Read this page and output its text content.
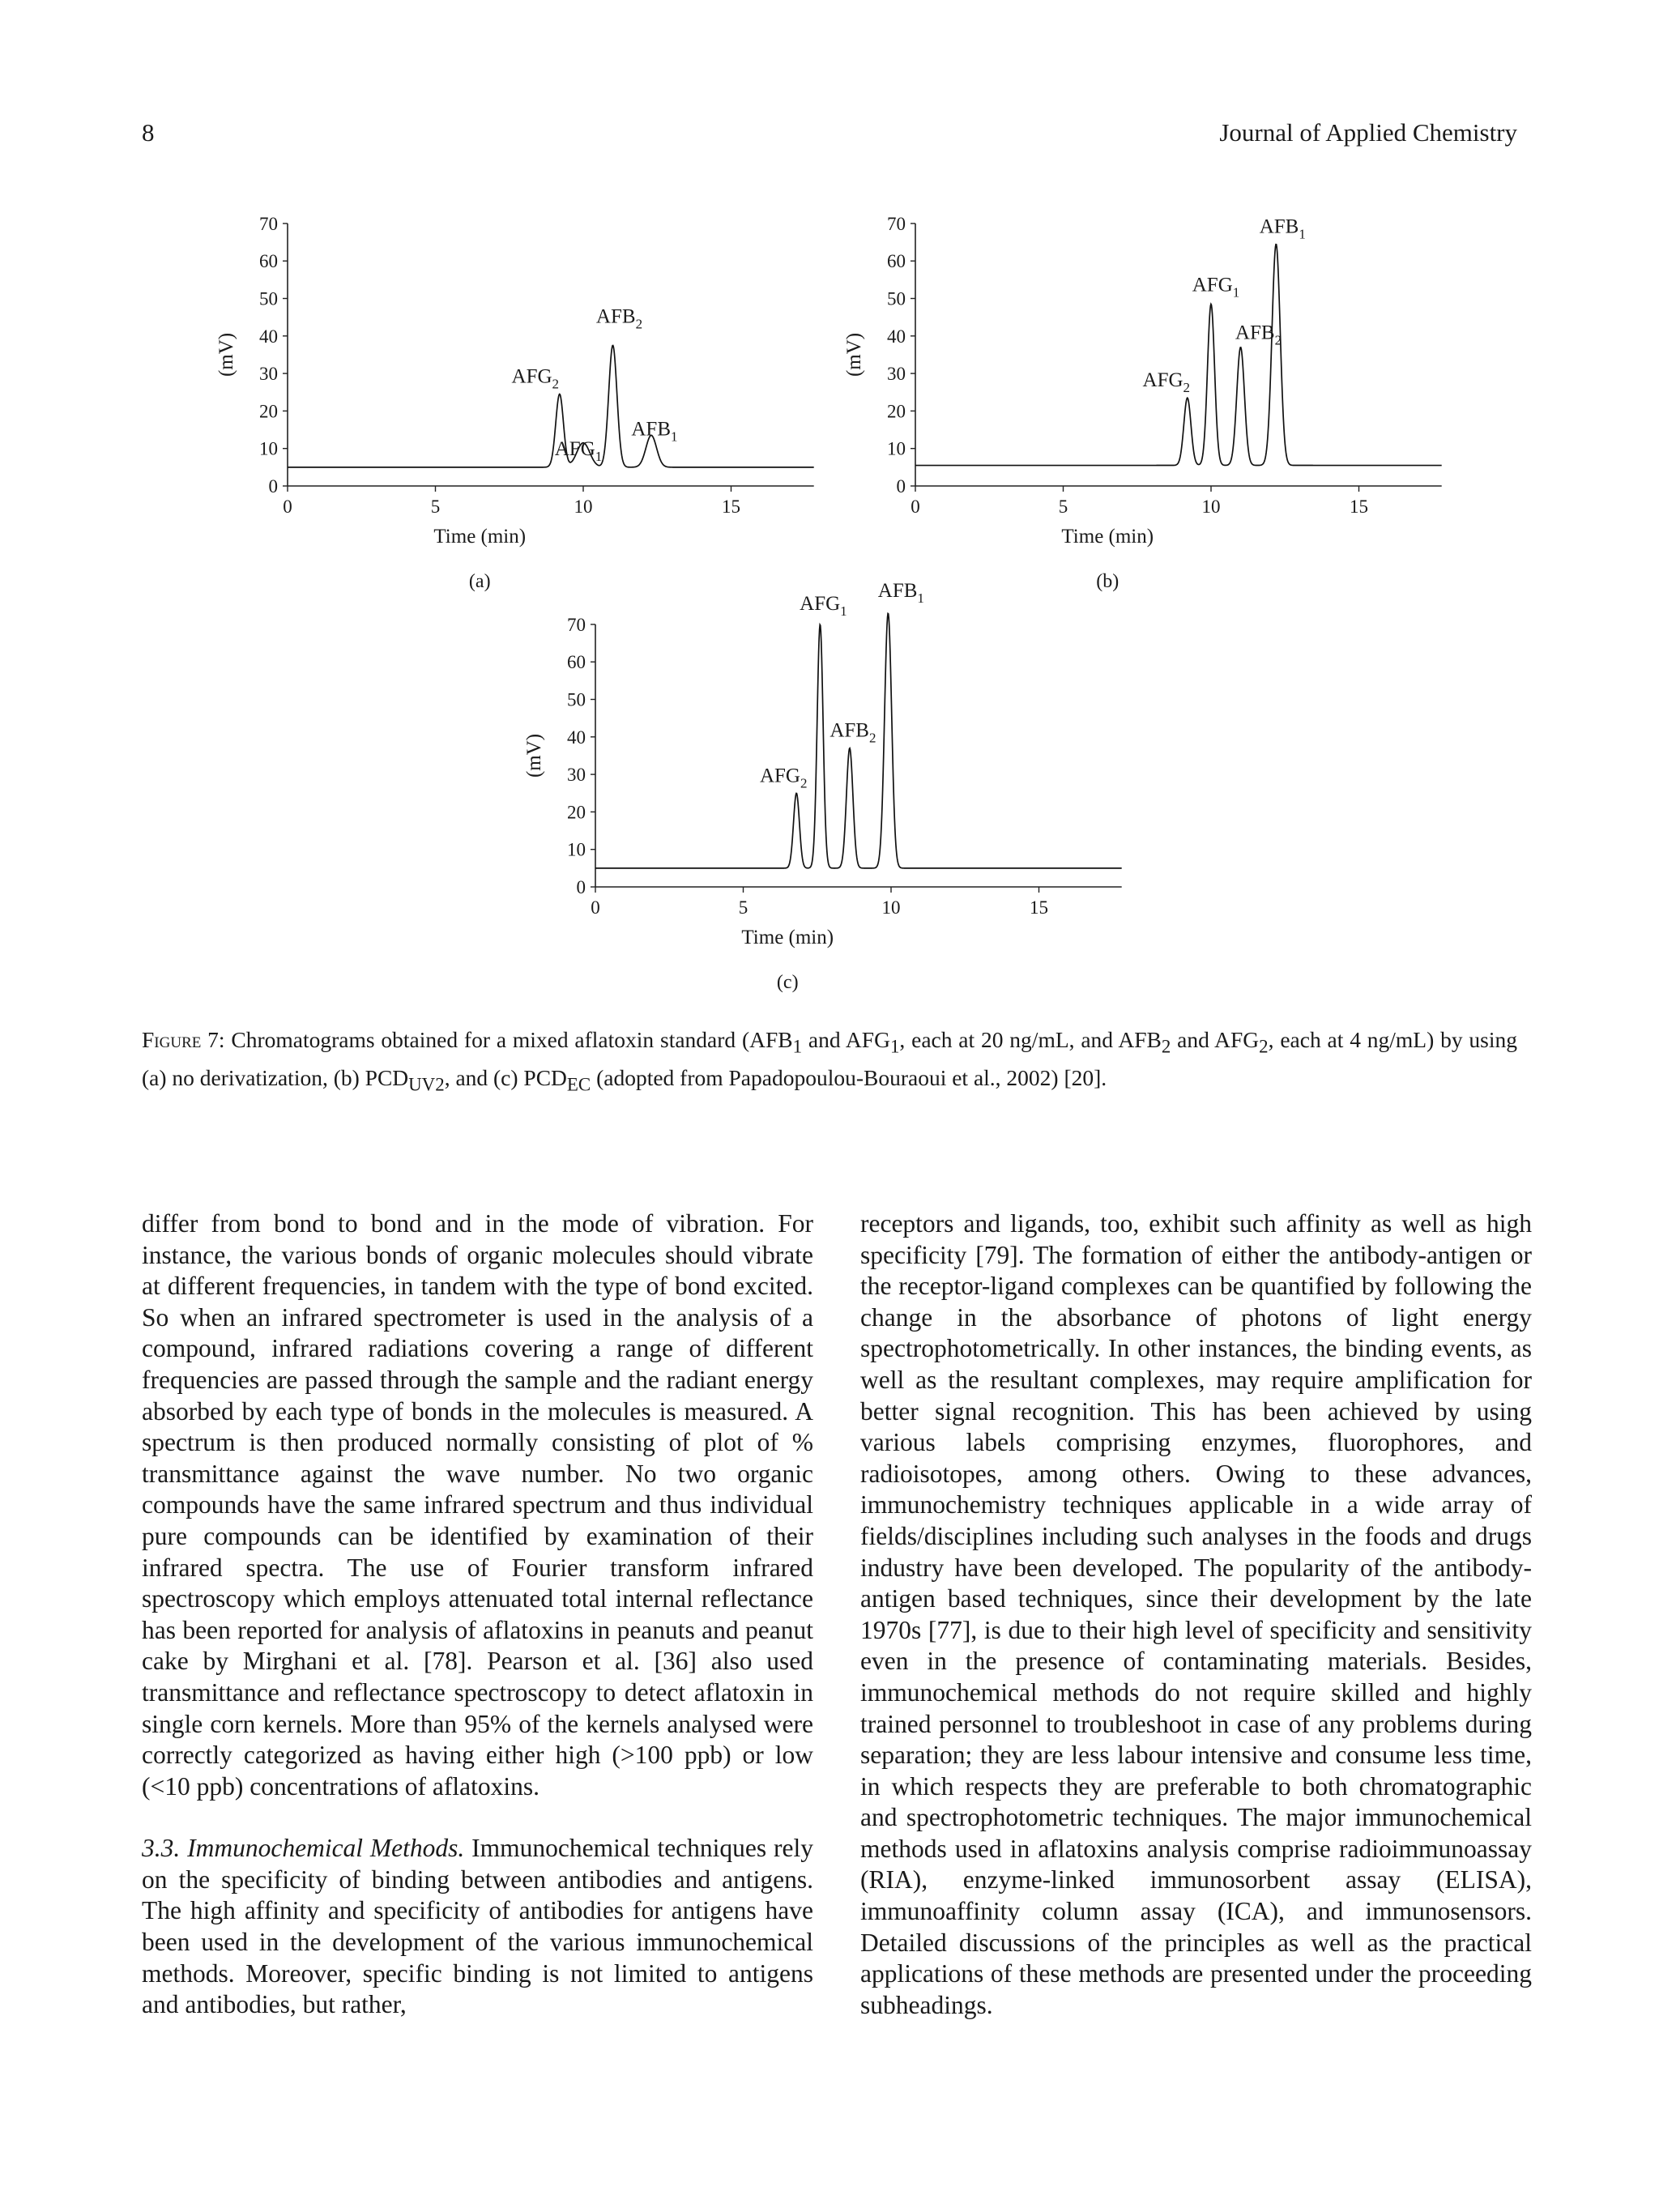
8	Journal of Applied Chemistry
0
10
20
30
40
50
60
70
0	5	10	15
(mV)
Time (min)
(a)
$AFG_2$
$AFG_1$
$AFB_2$
$AFB_1$
0
10
20
30
40
50
60
70
0	5	10	15
(mV)
Time (min)
(b)
$AFG_2$
$AFG_1$
$AFB_2$
$AFB_1$
0
10
20
30
40
50
60
70
0	5	10	15
(mV)
Time (min)
(c)
$AFG_2$
$AFG_1$
$AFB_2$
$AFB_1$
Figure 7: Chromatograms obtained for a mixed aflatoxin standard ($AFB_1$ and $AFG_1$, each at 20 ng/mL, and $AFB_2$ and $AFG_2$, each at 4 ng/mL) by using (a) no derivatization, (b) $PCD_{UV2}$, and (c) $PCD_{EC}$ (adopted from Papadopoulou-Bouraoui et al., 2002) [20].

differ from bond to bond and in the mode of vibration. For instance, the various bonds of organic molecules should vibrate at different frequencies, in tandem with the type of bond excited. So when an infrared spectrometer is used in the analysis of a compound, infrared radiations covering a range of different frequencies are passed through the sample and the radiant energy absorbed by each type of bonds in the molecules is measured. A spectrum is then produced normally consisting of plot of % transmittance against the wave number. No two organic compounds have the same infrared spectrum and thus individual pure compounds can be identified by examination of their infrared spectra. The use of Fourier transform infrared spectroscopy which employs attenuated total internal reflectance has been reported for analysis of aflatoxins in peanuts and peanut cake by Mirghani et al. [78]. Pearson et al. [36] also used transmittance and reflectance spectroscopy to detect aflatoxin in single corn kernels. More than 95% of the kernels analysed were correctly categorized as having either high (>100 ppb) or low (<10 ppb) concentrations of aflatoxins.

3.3. Immunochemical Methods. Immunochemical techniques rely on the specificity of binding between antibodies and antigens. The high affinity and specificity of antibodies for antigens have been used in the development of the various immunochemical methods. Moreover, specific binding is not limited to antigens and antibodies, but rather,

receptors and ligands, too, exhibit such affinity as well as high specificity [79]. The formation of either the antibody-antigen or the receptor-ligand complexes can be quantified by following the change in the absorbance of photons of light energy spectrophotometrically. In other instances, the binding events, as well as the resultant complexes, may require amplification for better signal recognition. This has been achieved by using various labels comprising enzymes, fluorophores, and radioisotopes, among others. Owing to these advances, immunochemistry techniques applicable in a wide array of fields/disciplines including such analyses in the foods and drugs industry have been developed. The popularity of the antibody-antigen based techniques, since their development by the late 1970s [77], is due to their high level of specificity and sensitivity even in the presence of contaminating materials. Besides, immunochemical methods do not require skilled and highly trained personnel to troubleshoot in case of any problems during separation; they are less labour intensive and consume less time, in which respects they are preferable to both chromatographic and spectrophotometric techniques. The major immunochemical methods used in aflatoxins analysis comprise radioimmunoassay (RIA), enzyme-linked immunosorbent assay (ELISA), immunoaffinity column assay (ICA), and immunosensors. Detailed discussions of the principles as well as the practical applications of these methods are presented under the proceeding subheadings.
